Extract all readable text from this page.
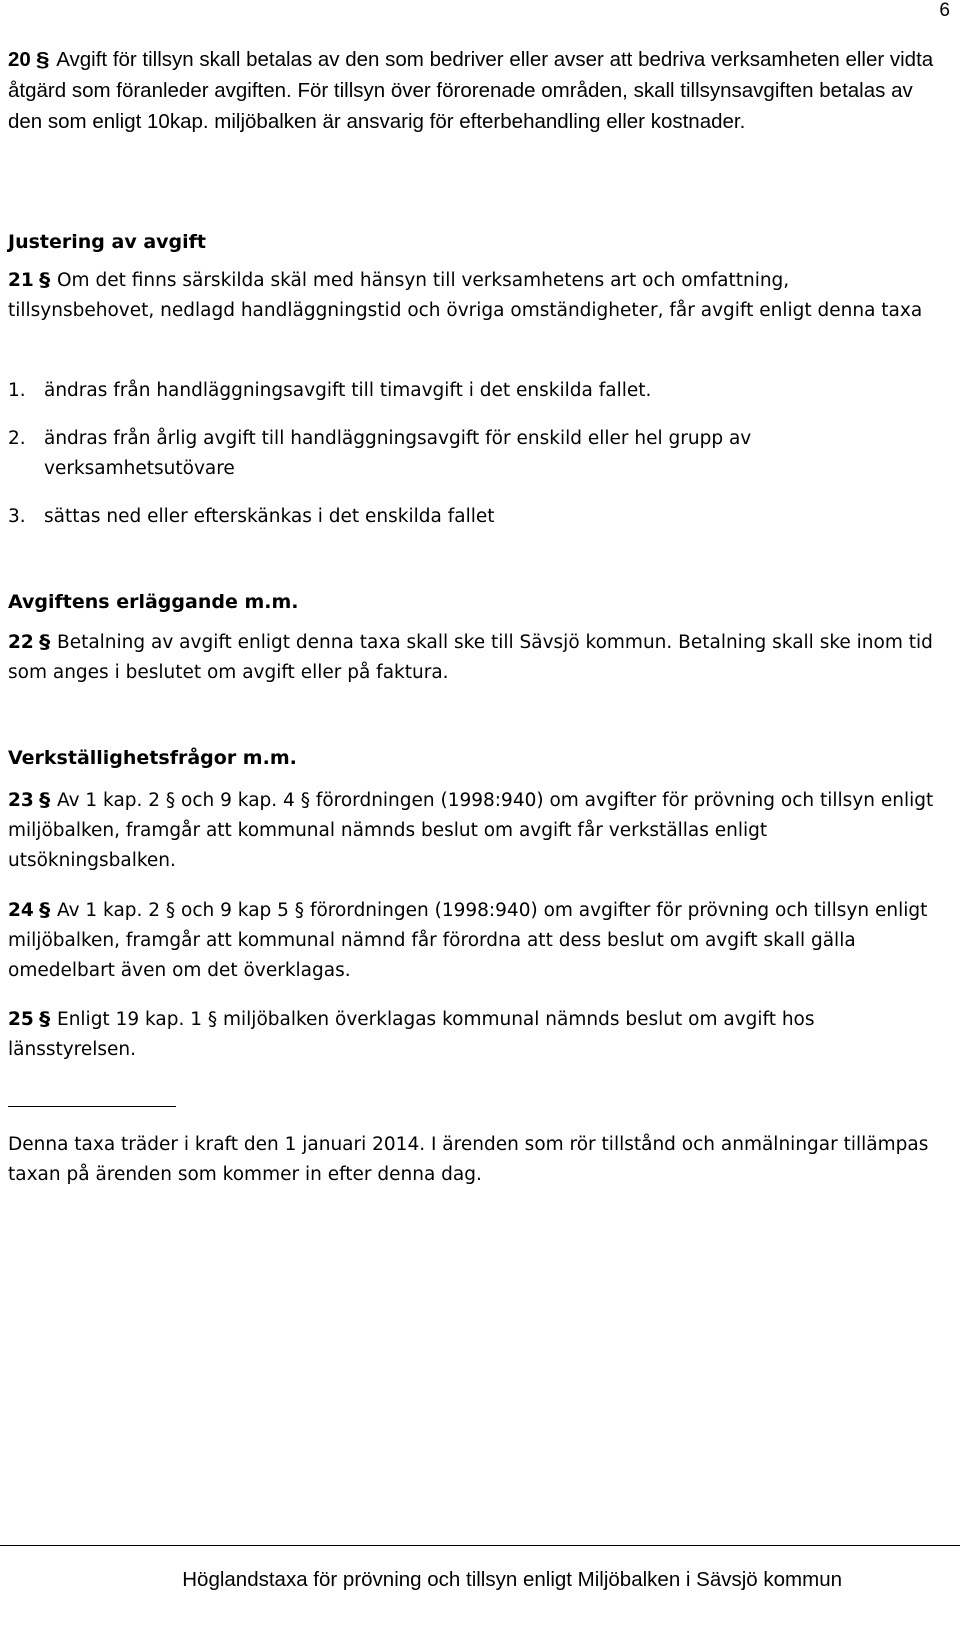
6
20 § Avgift för tillsyn skall betalas av den som bedriver eller avser att bedriva verksamheten eller vidta åtgärd som föranleder avgiften. För tillsyn över förorenade områden, skall tillsynsavgiften betalas av den som enligt 10kap. miljöbalken är ansvarig för efterbehandling eller kostnader.
Justering av avgift
21 § Om det finns särskilda skäl med hänsyn till verksamhetens art och omfattning, tillsynsbehovet, nedlagd handläggningstid och övriga omständigheter, får avgift enligt denna taxa
1. ändras från handläggningsavgift till timavgift i det enskilda fallet.
2. ändras från årlig avgift till handläggningsavgift för enskild eller hel grupp av verksamhetsutövare
3. sättas ned eller efterskänkas i det enskilda fallet
Avgiftens erläggande m.m.
22 § Betalning av avgift enligt denna taxa skall ske till Sävsjö kommun. Betalning skall ske inom tid som anges i beslutet om avgift eller på faktura.
Verkställighetsfrågor m.m.
23 § Av 1 kap. 2 § och 9 kap. 4 § förordningen (1998:940) om avgifter för prövning och tillsyn enligt miljöbalken, framgår att kommunal nämnds beslut om avgift får verkställas enligt utsökningsbalken.
24 § Av 1 kap. 2 § och 9 kap 5 § förordningen (1998:940) om avgifter för prövning och tillsyn enligt miljöbalken, framgår att kommunal nämnd får förordna att dess beslut om avgift skall gälla omedelbart även om det överklagas.
25 § Enligt 19 kap. 1 § miljöbalken överklagas kommunal nämnds beslut om avgift hos länsstyrelsen.
Denna taxa träder i kraft den 1 januari 2014. I ärenden som rör tillstånd och anmälningar tillämpas taxan på ärenden som kommer in efter denna dag.
Höglandstaxa för prövning och tillsyn enligt Miljöbalken i Sävsjö kommun
